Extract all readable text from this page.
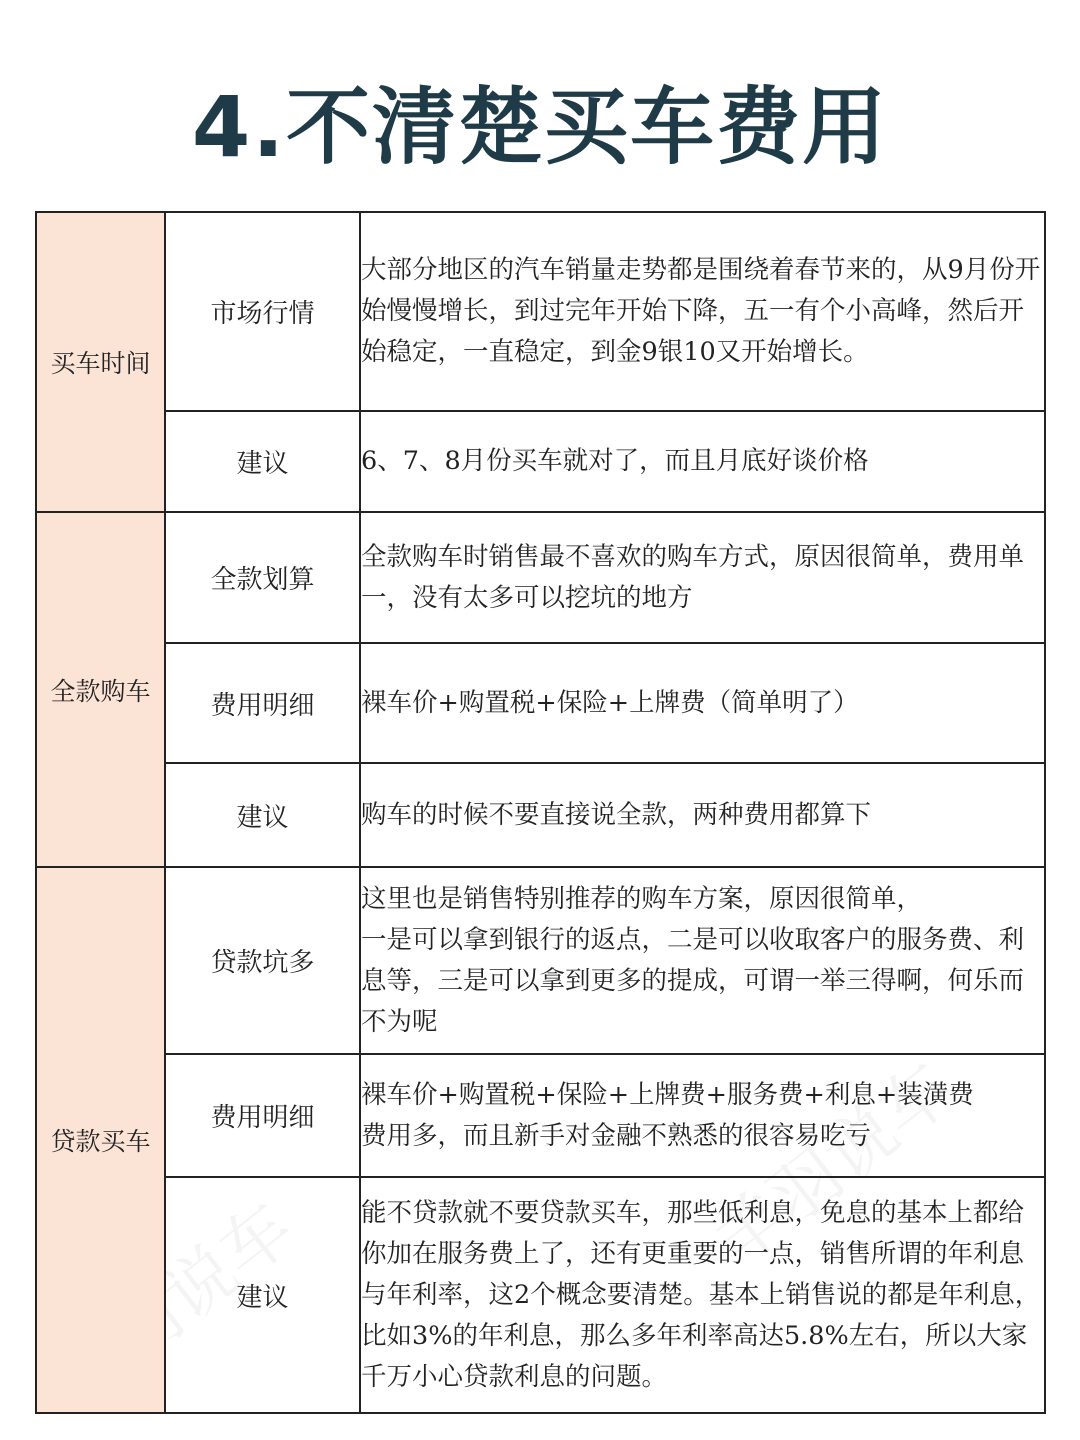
4.不清楚买车费用
买车时间	市场行情	大部分地区的汽车销量走势都是围绕着春节来的，从9月份开始慢慢增长，到过完年开始下降，五一有个小高峰，然后开始稳定，一直稳定，到金9银10又开始增长。
	建议	6、7、8月份买车就对了，而且月底好谈价格
全款购车	全款划算	全款购车时销售最不喜欢的购车方式，原因很简单，费用单一，没有太多可以挖坑的地方
	费用明细	裸车价+购置税+保险+上牌费（简单明了）
	建议	购车的时候不要直接说全款，两种费用都算下
贷款买车	贷款坑多	这里也是销售特别推荐的购车方案，原因很简单，
一是可以拿到银行的返点，二是可以收取客户的服务费、利息等，三是可以拿到更多的提成，可谓一举三得啊，何乐而不为呢

	费用明细	裸车价+购置税+保险+上牌费+服务费+利息+装潢费
费用多，而且新手对金融不熟悉的很容易吃亏

	建议	能不贷款就不要贷款买车，那些低利息，免息的基本上都给你加在服务费上了，还有更重要的一点，销售所谓的年利息与年利率，这2个概念要清楚。基本上销售说的都是年利息，比如3%的年利息，那么多年利率高达5.8%左右，所以大家千万小心贷款利息的问题。
